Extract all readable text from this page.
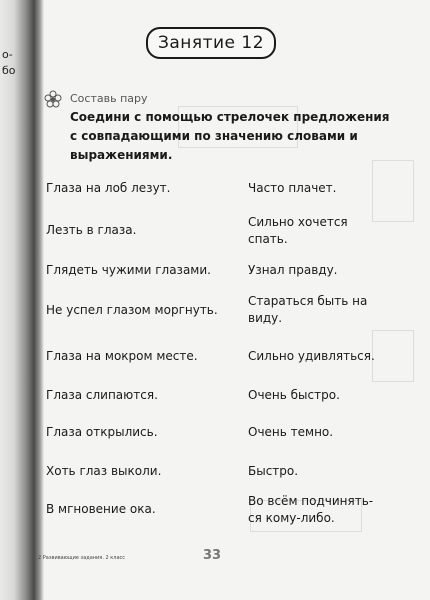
о-
бо
Занятие 12
Составь пару
Соедини с помощью стрелочек предложения с совпадающими по значению словами и выражениями.
Глаза на лоб лезут.
Лезть в глаза.
Глядеть чужими глазами.
Не успел глазом моргнуть.
Глаза на мокром месте.
Глаза слипаются.
Глаза открылись.
Хоть глаз выколи.
В мгновение ока.
Часто плачет.
Сильно хочется спать.
Узнал правду.
Стараться быть на виду.
Сильно удивляться.
Очень быстро.
Очень темно.
Быстро.
Во всём подчинять-ся кому-либо.
2 Развивающие задания. 2 класс	33
